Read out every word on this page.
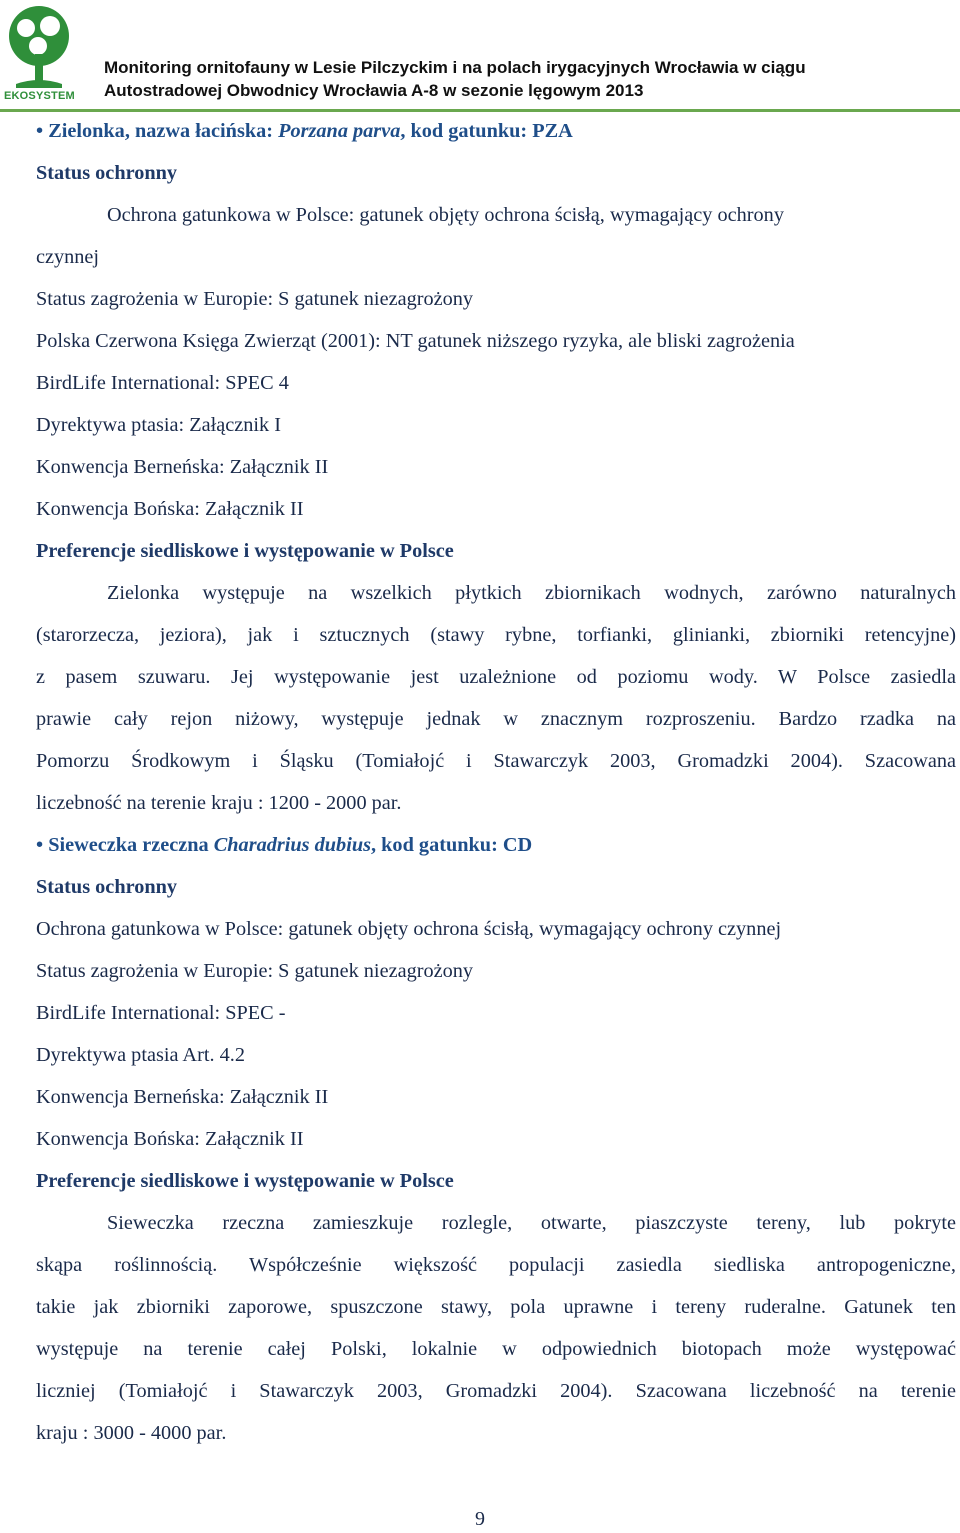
EKOSYSTEM
Monitoring ornitofauny w Lesie Pilczyckim i na polach irygacyjnych Wrocławia w ciągu
Autostradowej Obwodnicy Wrocławia A-8 w sezonie lęgowym 2013
• Zielonka, nazwa łacińska: Porzana parva, kod gatunku: PZA
Status ochronny
Ochrona gatunkowa w Polsce: gatunek objęty ochrona ścisłą, wymagający ochrony
czynnej
Status zagrożenia w Europie: S gatunek niezagrożony
Polska Czerwona Księga Zwierząt (2001): NT gatunek niższego ryzyka, ale bliski zagrożenia
BirdLife International: SPEC 4
Dyrektywa ptasia: Załącznik I
Konwencja Berneńska: Załącznik II
Konwencja Bońska: Załącznik II
Preferencje siedliskowe i występowanie w Polsce
Zielonka występuje na wszelkich płytkich zbiornikach wodnych, zarówno naturalnych
(starorzecza, jeziora), jak i sztucznych (stawy rybne, torfianki, glinianki, zbiorniki retencyjne)
z pasem szuwaru. Jej występowanie jest uzależnione od poziomu wody. W Polsce zasiedla
prawie cały rejon niżowy, występuje jednak w znacznym rozproszeniu. Bardzo rzadka na
Pomorzu Środkowym i Śląsku (Tomiałojć i Stawarczyk 2003, Gromadzki 2004). Szacowana
liczebność na terenie kraju : 1200 - 2000 par.
• Sieweczka rzeczna Charadrius dubius, kod gatunku: CD
Status ochronny
Ochrona gatunkowa w Polsce: gatunek objęty ochrona ścisłą, wymagający ochrony czynnej
Status zagrożenia w Europie: S gatunek niezagrożony
BirdLife International: SPEC -
Dyrektywa ptasia Art. 4.2
Konwencja Berneńska: Załącznik II
Konwencja Bońska: Załącznik II
Preferencje siedliskowe i występowanie w Polsce
Sieweczka rzeczna zamieszkuje rozlegle, otwarte, piaszczyste tereny, lub pokryte
skąpa roślinnością. Współcześnie większość populacji zasiedla siedliska antropogeniczne,
takie jak zbiorniki zaporowe, spuszczone stawy, pola uprawne i tereny ruderalne. Gatunek ten
występuje na terenie całej Polski, lokalnie w odpowiednich biotopach może występować
liczniej (Tomiałojć i Stawarczyk 2003, Gromadzki 2004). Szacowana liczebność na terenie
kraju : 3000 - 4000 par.
9
